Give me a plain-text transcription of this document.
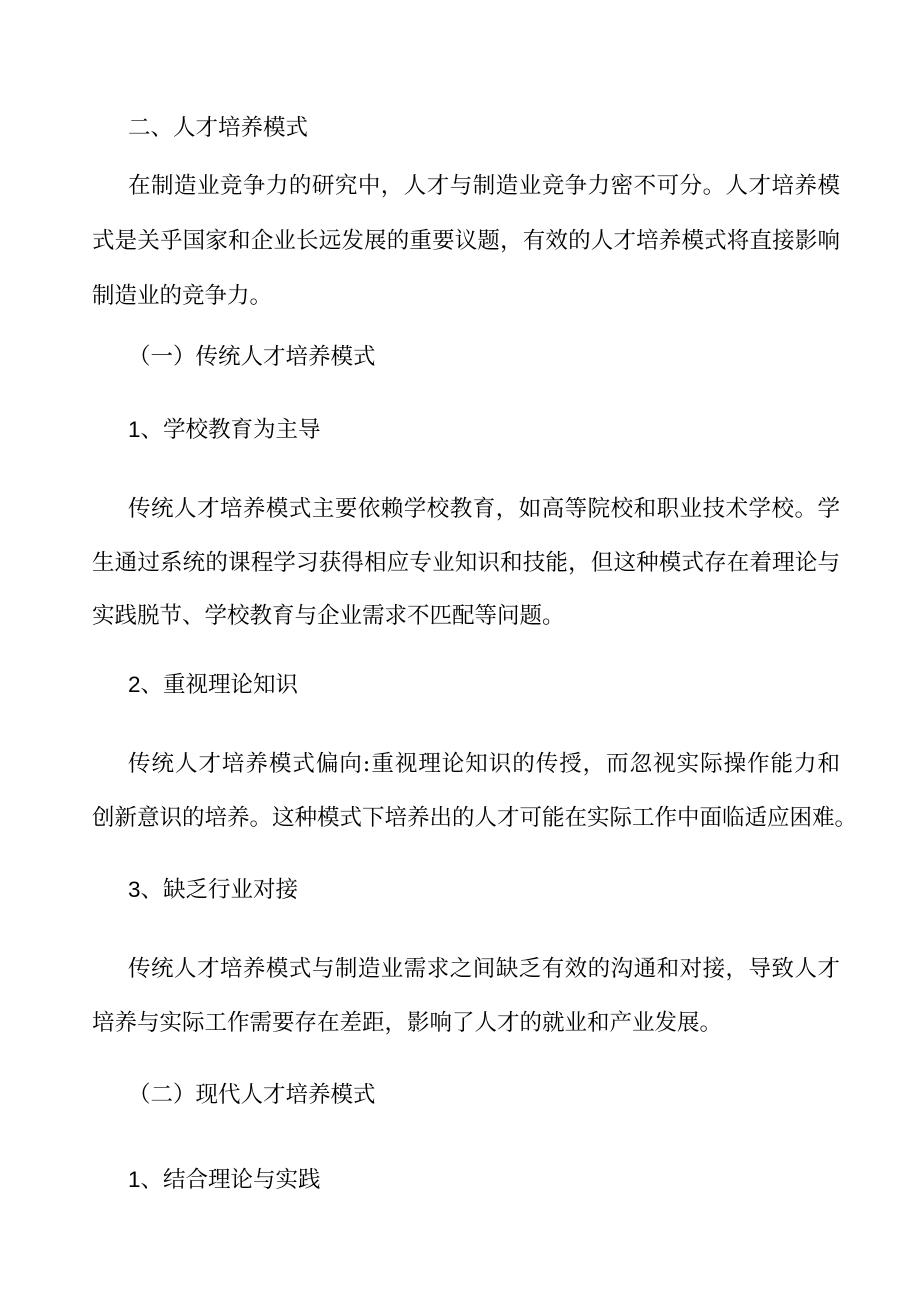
二、人才培养模式
在制造业竞争力的研究中，人才与制造业竞争力密不可分。人才培养模
式是关乎国家和企业长远发展的重要议题，有效的人才培养模式将直接影响
制造业的竞争力。
（一）传统人才培养模式
1、学校教育为主导
传统人才培养模式主要依赖学校教育，如高等院校和职业技术学校。学
生通过系统的课程学习获得相应专业知识和技能，但这种模式存在着理论与
实践脱节、学校教育与企业需求不匹配等问题。
2、重视理论知识
传统人才培养模式偏向:重视理论知识的传授，而忽视实际操作能力和
创新意识的培养。这种模式下培养出的人才可能在实际工作中面临适应困难。
3、缺乏行业对接
传统人才培养模式与制造业需求之间缺乏有效的沟通和对接，导致人才
培养与实际工作需要存在差距，影响了人才的就业和产业发展。
（二）现代人才培养模式
1、结合理论与实践
